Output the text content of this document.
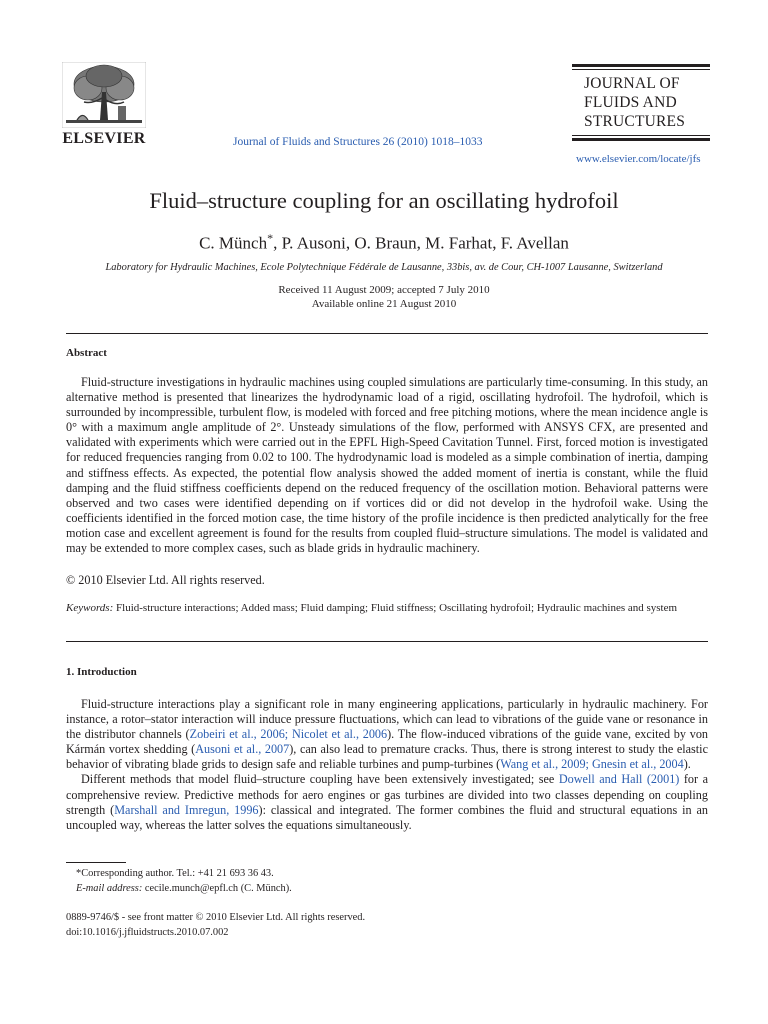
ELSEVIER	Journal of Fluids and Structures 26 (2010) 1018–1033
JOURNAL OF
FLUIDS AND
STRUCTURES
www.elsevier.com/locate/jfs
Fluid–structure coupling for an oscillating hydrofoil
C. Münch*, P. Ausoni, O. Braun, M. Farhat, F. Avellan
Laboratory for Hydraulic Machines, Ecole Polytechnique Fédérale de Lausanne, 33bis, av. de Cour, CH-1007 Lausanne, Switzerland
Received 11 August 2009; accepted 7 July 2010
Available online 21 August 2010
Abstract
Fluid-structure investigations in hydraulic machines using coupled simulations are particularly time-consuming. In this study, an alternative method is presented that linearizes the hydrodynamic load of a rigid, oscillating hydrofoil. The hydrofoil, which is surrounded by incompressible, turbulent flow, is modeled with forced and free pitching motions, where the mean incidence angle is 0° with a maximum angle amplitude of 2°. Unsteady simulations of the flow, performed with ANSYS CFX, are presented and validated with experiments which were carried out in the EPFL High-Speed Cavitation Tunnel. First, forced motion is investigated for reduced frequencies ranging from 0.02 to 100. The hydrodynamic load is modeled as a simple combination of inertia, damping and stiffness effects. As expected, the potential flow analysis showed the added moment of inertia is constant, while the fluid damping and the fluid stiffness coefficients depend on the reduced frequency of the oscillation motion. Behavioral patterns were observed and two cases were identified depending on if vortices did or did not develop in the hydrofoil wake. Using the coefficients identified in the forced motion case, the time history of the profile incidence is then predicted analytically for the free motion case and excellent agreement is found for the results from coupled fluid–structure simulations. The model is validated and may be extended to more complex cases, such as blade grids in hydraulic machinery.
© 2010 Elsevier Ltd. All rights reserved.
Keywords: Fluid-structure interactions; Added mass; Fluid damping; Fluid stiffness; Oscillating hydrofoil; Hydraulic machines and system
1. Introduction

Fluid-structure interactions play a significant role in many engineering applications, particularly in hydraulic machinery. For instance, a rotor–stator interaction will induce pressure fluctuations, which can lead to vibrations of the guide vane or resonance in the distributor channels (Zobeiri et al., 2006; Nicolet et al., 2006). The flow-induced vibrations of the guide vane, excited by von Kármán vortex shedding (Ausoni et al., 2007), can also lead to premature cracks. Thus, there is strong interest to study the elastic behavior of vibrating blade grids to design safe and reliable turbines and pump-turbines (Wang et al., 2009; Gnesin et al., 2004).

Different methods that model fluid–structure coupling have been extensively investigated; see Dowell and Hall (2001) for a comprehensive review. Predictive methods for aero engines or gas turbines are divided into two classes depending on coupling strength (Marshall and Imregun, 1996): classical and integrated. The former combines the fluid and structural equations in an uncoupled way, whereas the latter solves the equations simultaneously.

*Corresponding author. Tel.: +41 21 693 36 43.
E-mail address: cecile.munch@epfl.ch (C. Münch).
0889-9746/$ - see front matter © 2010 Elsevier Ltd. All rights reserved.
doi:10.1016/j.jfluidstructs.2010.07.002
